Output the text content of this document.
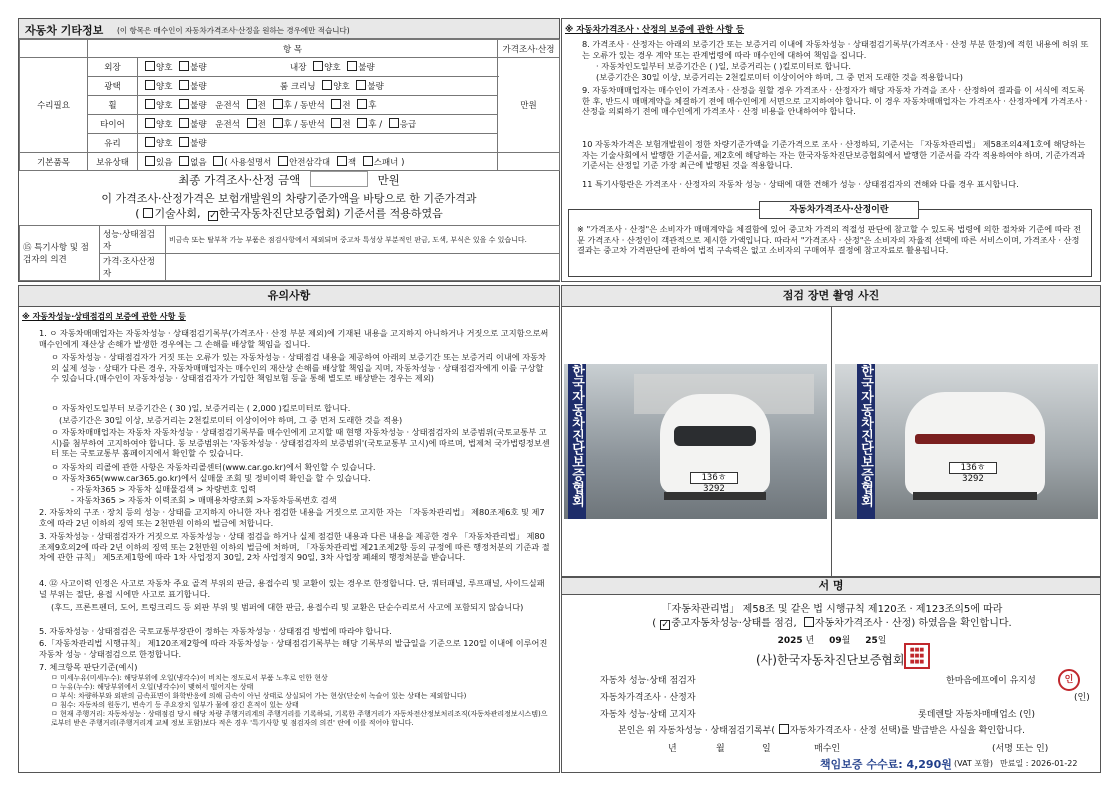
자동차 기타정보 (이 항목은 매수인이 자동차가격조사·산정을 원하는 경우에만 적습니다)
	항 목		가격조사·산정
수리필요	외장	양호 불량 내장 양호 불량	만원
	광택	양호 불량 룸 크리닝 양호 불량	
	휠	양호 불량 운전석 전 후 / 동반석 전 후	
	타이어	양호 불량 운전석 전 후 / 동반석 전 후 / 응급	
	유리	양호 불량	
기본품목	보유상태	있음 없음 ( 사용설명서 안전삼각대 잭 스패너 )	
최종 가격조사·산정 금액	만원
이 가격조사·산정가격은 보험개발원의 차량기준가액을 바탕으로 한 기준가격과
( 기술사회, ✓ 한국자동차진단보증협회) 기준서를 적용하였음
⑮ 특기사항 및 점검자의 의견	성능·상태점검자	비금속 또는 탈부착 가능 부품은 점검사항에서 제외되며 중고차 특성상 부분적인 판금, 도색, 부식은 있을 수 있습니다.
	가격·조사산정자	
※ 자동차가격조사ㆍ산정의 보증에 관한 사항 등
8. 가격조사 · 산정자는 아래의 보증기간 또는 보증거리 이내에 자동차성능 · 상태점검기록부(가격조사 · 산정 부분 한정)에 적힌 내용에 허위 또는 오류가 있는 경우 계약 또는 관계법령에 따라 매수인에 대하여 책임을 집니다.
· 자동차인도일부터 보증기간은 ( )일, 보증거리는 ( )킬로미터로 합니다.
(보증기간은 30일 이상, 보증거리는 2천킬로미터 이상이어야 하며, 그 중 먼저 도래한 것을 적용합니다)
9. 자동차매매업자는 매수인이 가격조사 · 산정을 원할 경우 가격조사 · 산정자가 해당 자동차 가격을 조사 · 산정하여 결과를 이 서식에 적도록 한 후, 반드시 매매계약을 체결하기 전에 매수인에게 서면으로 고지하여야 합니다. 이 경우 자동차매매업자는 가격조사 · 산정자에게 가격조사 · 산정을 의뢰하기 전에 매수인에게 가격조사 · 산정 비용을 안내하여야 합니다.
10 자동차가격은 보험개발원이 정한 차량기준가액을 기준가격으로 조사 · 산정하되, 기준서는 「자동차관리법」 제58조의4제1호에 해당하는 자는 기술사회에서 발행한 기준서를, 제2호에 해당하는 자는 한국자동차진단보증협회에서 발행한 기준서를 각각 적용하여야 하며, 기준가격과 기준서는 산정일 기준 가장 최근에 발행된 것을 적용합니다.
11 특기사항란은 가격조사 · 산정자의 자동차 성능 · 상태에 대한 견해가 성능 · 상태점검자의 견해와 다를 경우 표시합니다.
자동차가격조사·산정이란
※ "가격조사 · 산정"은 소비자가 매매계약을 체결함에 있어 중고차 가격의 적절성 판단에 참고할 수 있도록 법령에 의한 절차와 기준에 따라 전문 가격조사 · 산정인이 객관적으로 제시한 가액입니다. 따라서 "가격조사 · 산정"은 소비자의 자율적 선택에 따른 서비스이며, 가격조사 · 산정 결과는 중고차 가격판단에 관하여 법적 구속력은 없고 소비자의 구매여부 결정에 참고자료로 활용됩니다.
유의사항
※ 자동차성능·상태점검의 보증에 관한 사항 등
1. ㅇ 자동차매매업자는 자동차성능 · 상태점검기록부(가격조사 · 산정 부분 제외)에 기재된 내용을 고지하지 아니하거나 거짓으로 고지함으로써 매수인에게 재산상 손해가 발생한 경우에는 그 손해를 배상할 책임을 집니다.
ㅇ 자동차성능 · 상태점검자가 거짓 또는 오류가 있는 자동차성능 · 상태점검 내용을 제공하여 아래의 보증기간 또는 보증거리 이내에 자동차의 실제 성능 · 상태가 다른 경우, 자동차매매업자는 매수인의 재산상 손해를 배상할 책임을 지며, 자동차성능 · 상태점검자에게 이를 구상할 수 있습니다.(매수인이 자동차성능 · 상태점검자가 가입한 책임보험 등을 통해 별도로 배상받는 경우는 제외)
ㅇ 자동차인도일부터 보증기간은 ( 30 )일, 보증거리는 ( 2,000 )킬로미터로 합니다.
(보증기간은 30일 이상, 보증거리는 2천킬로미터 이상이어야 하며, 그 중 먼저 도래한 것을 적용)
ㅇ 자동차매매업자는 자동차 자동차성능 · 상태점검기록부를 매수인에게 고지할 때 현행 자동차성능 · 상태점검자의 보증범위(국토교통부 고시)를 첨부하여 고지하여야 합니다. 동 보증범위는 '자동차성능 · 상태점검자의 보증범위'(국토교통부 고시)에 따르며, 법제처 국가법령정보센터 또는 국토교통부 홈페이지에서 확인할 수 있습니다.
ㅇ 자동차의 리콜에 관한 사항은 자동차리콜센터(www.car.go.kr)에서 확인할 수 있습니다.
ㅇ 자동차365(www.car365.go.kr)에서 실매물 조회 및 정비이력 확인을 할 수 있습니다.
- 자동차365 > 자동차 실매물검색 > 차량번호 입력
- 자동차365 > 자동차 이력조회 > 매매용차량조회 >자동차등록번호 검색
2. 자동차의 구조 · 장치 등의 성능 · 상태를 고지하지 아니한 자나 점검한 내용을 거짓으로 고지한 자는 「자동차관리법」 제80조제6호 및 제7호에 따라 2년 이하의 징역 또는 2천만원 이하의 벌금에 처합니다.
3. 자동차성능 · 상태점검자가 거짓으로 자동차성능 · 상태 점검을 하거나 실제 점검한 내용과 다른 내용을 제공한 경우 「자동차관리법」 제80조제9호의2에 따라 2년 이하의 징역 또는 2천만원 이하의 벌금에 처하며, 「자동차관리법 제21조제2항 등의 규정에 따른 행정처분의 기준과 절차에 관한 규칙」 제5조제1항에 따라 1차 사업정지 30일, 2차 사업정지 90일, 3차 사업장 폐쇄의 행정처분을 받습니다.
4. ⑫ 사고이력 인정은 사고로 자동차 주요 골격 부위의 판금, 용접수리 및 교환이 있는 경우로 한정합니다. 단, 쿼터패널, 루프패널, 사이드실패널 부위는 절단, 용접 시에만 사고로 표기합니다.
(후드, 프론트펜더, 도어, 트렁크리드 등 외판 부위 및 범퍼에 대한 판금, 용접수리 및 교환은 단순수리로서 사고에 포함되지 않습니다)
5. 자동차성능 · 상태점검은 국토교통부장관이 정하는 자동차성능 · 상태점검 방법에 따라야 합니다.
6.「자동차관리법 시행규칙」 제120조제2항에 따라 자동차성능 · 상태점검기록부는 해당 기록부의 발급일을 기준으로 120일 이내에 이루어진 자동차 성능 · 상태점검으로 한정합니다.
7. 체크항목 판단기준(예시)
ㅁ 미세누유(미세누수): 해당부위에 오일(냉각수)이 비치는 정도로서 부품 노후로 인한 현상
ㅁ 누유(누수): 해당부위에서 오일(냉각수)이 맺혀서 떨어지는 상태
ㅁ 부식: 차량하부와 외판의 금속표면이 화학반응에 의해 금속이 아닌 상태로 상실되어 가는 현상(단순히 녹슬어 있는 상태는 제외합니다)
ㅁ 침수: 자동차의 원동기, 변속기 등 주요장치 일부가 물에 잠긴 흔적이 있는 상태
ㅁ 현재 주행거리: 자동차성능 · 상태점검 당시 해당 차량 주행거리계의 주행거리를 기록하되, 기록한 주행거리가 자동차전산정보처리조직(자동차관리정보시스템)으로부터 받은 주행거리(주행거리계 교체 정보 포함)보다 적은 경우 '특기사항 및 점검자의 의견' 란에 이를 적어야 합니다.
점검 장면 촬영 사진
한국자동차진단보증협회	136ㅎ3292	한국자동차진단보증협회	136ㅎ3292
서 명
「자동차관리법」 제58조 및 같은 법 시행규칙 제120조 · 제123조의5에 따라
( ✓ 중고자동차성능·상태를 점검, 자동차가격조사 · 산정) 하였음을 확인합니다.
2025 년 09월 25일
(사)한국자동차진단보증협회
■■■
■■■
■■■
자동차 성능·상태 점검자	한마음에프에이 유지성	인
자동차가격조사 · 산정자	(인)
자동차 성능·상태 고지자	롯데렌탈 자동차매매업소 (인)
본인은 위 자동차성능 · 상태점검기록부( 자동차가격조사 · 산정 선택)를 발급받은 사실을 확인합니다.
년	월	일	매수인	(서명 또는 인)
책임보증 수수료: 4,290원 (VAT 포함) 만료일 : 2026-01-22
